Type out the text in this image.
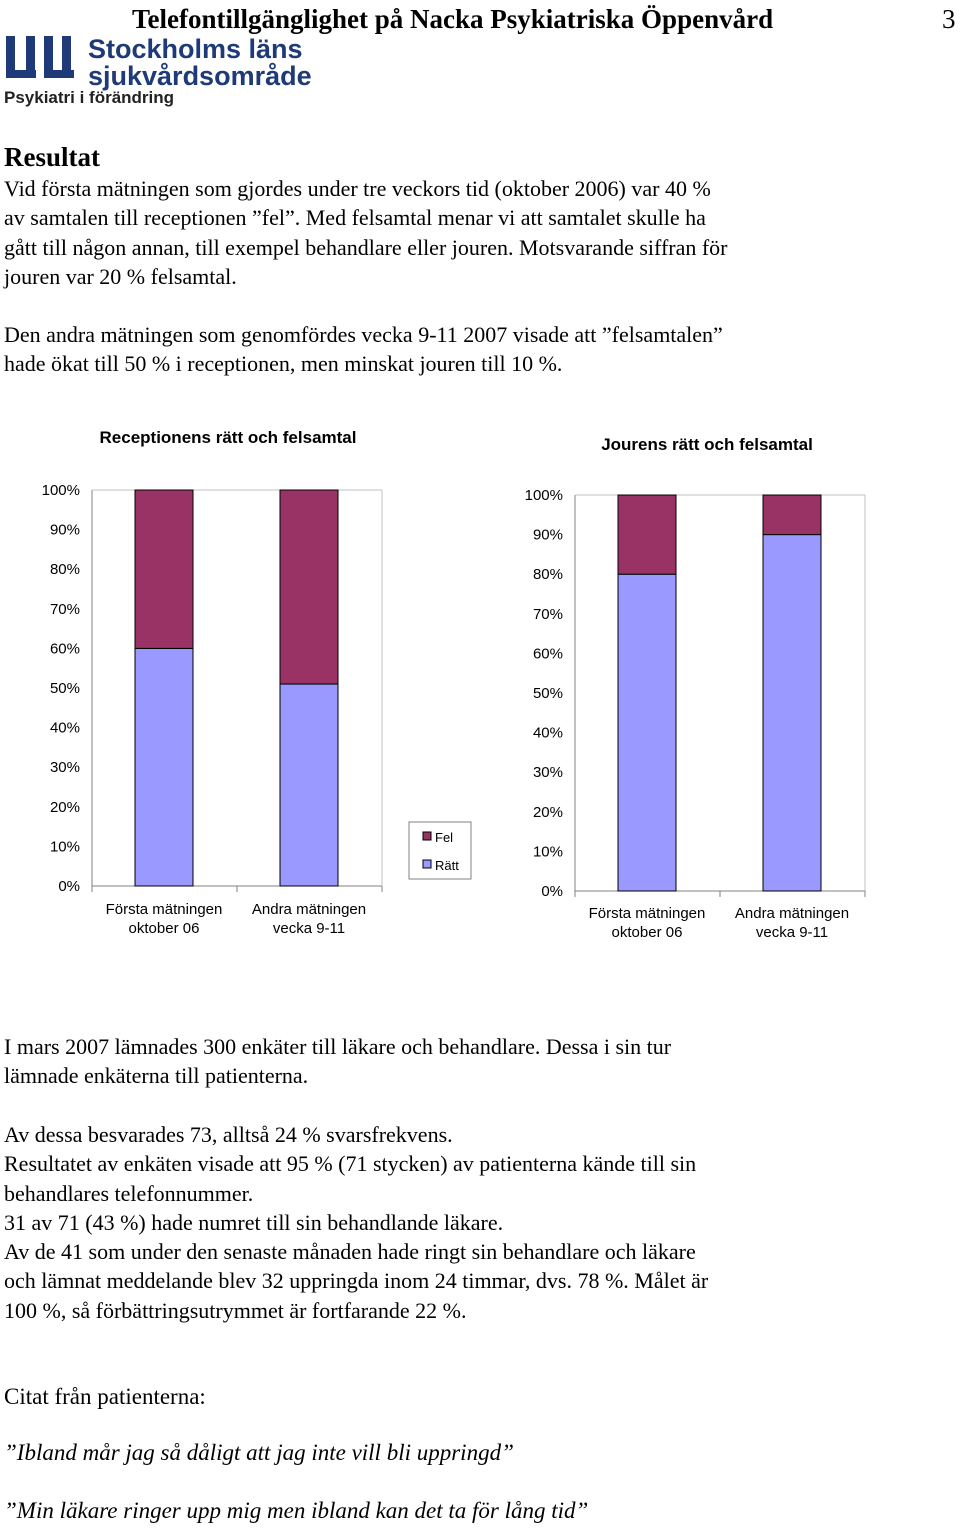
Telefontillgänglighet på Nacka Psykiatriska Öppenvård	3
Stockholms läns
sjukvårdsområde
Psykiatri i förändring
Resultat

Vid första mätningen som gjordes under tre veckors tid (oktober 2006) var 40 %

av samtalen till receptionen ”fel”. Med felsamtal menar vi att samtalet skulle ha

gått till någon annan, till exempel behandlare eller jouren. Motsvarande siffran för

jouren var 20 % felsamtal.

Den andra mätningen som genomfördes vecka 9-11 2007 visade att ”felsamtalen”

hade ökat till 50 % i receptionen, men minskat jouren till 10 %.

Receptionens rätt och felsamtal
0%
10%
20%
30%
40%
50%
60%
70%
80%
90%
100%
Första mätningen
oktober 06
Andra mätningen
vecka 9-11
Fel
Rätt
Jourens rätt och felsamtal
0%
10%
20%
30%
40%
50%
60%
70%
80%
90%
100%
Första mätningen
oktober 06
Andra mätningen
vecka 9-11

I mars 2007 lämnades 300 enkäter till läkare och behandlare. Dessa i sin tur

lämnade enkäterna till patienterna.

Av dessa besvarades 73, alltså 24 % svarsfrekvens.

Resultatet av enkäten visade att 95 % (71 stycken) av patienterna kände till sin

behandlares telefonnummer.

31 av 71 (43 %) hade numret till sin behandlande läkare.

Av de 41 som under den senaste månaden hade ringt sin behandlare och läkare

och lämnat meddelande blev 32 uppringda inom 24 timmar, dvs. 78 %. Målet är

100 %, så förbättringsutrymmet är fortfarande 22 %.

Citat från patienterna:
”Ibland mår jag så dåligt att jag inte vill bli uppringd”
”Min läkare ringer upp mig men ibland kan det ta för lång tid”
